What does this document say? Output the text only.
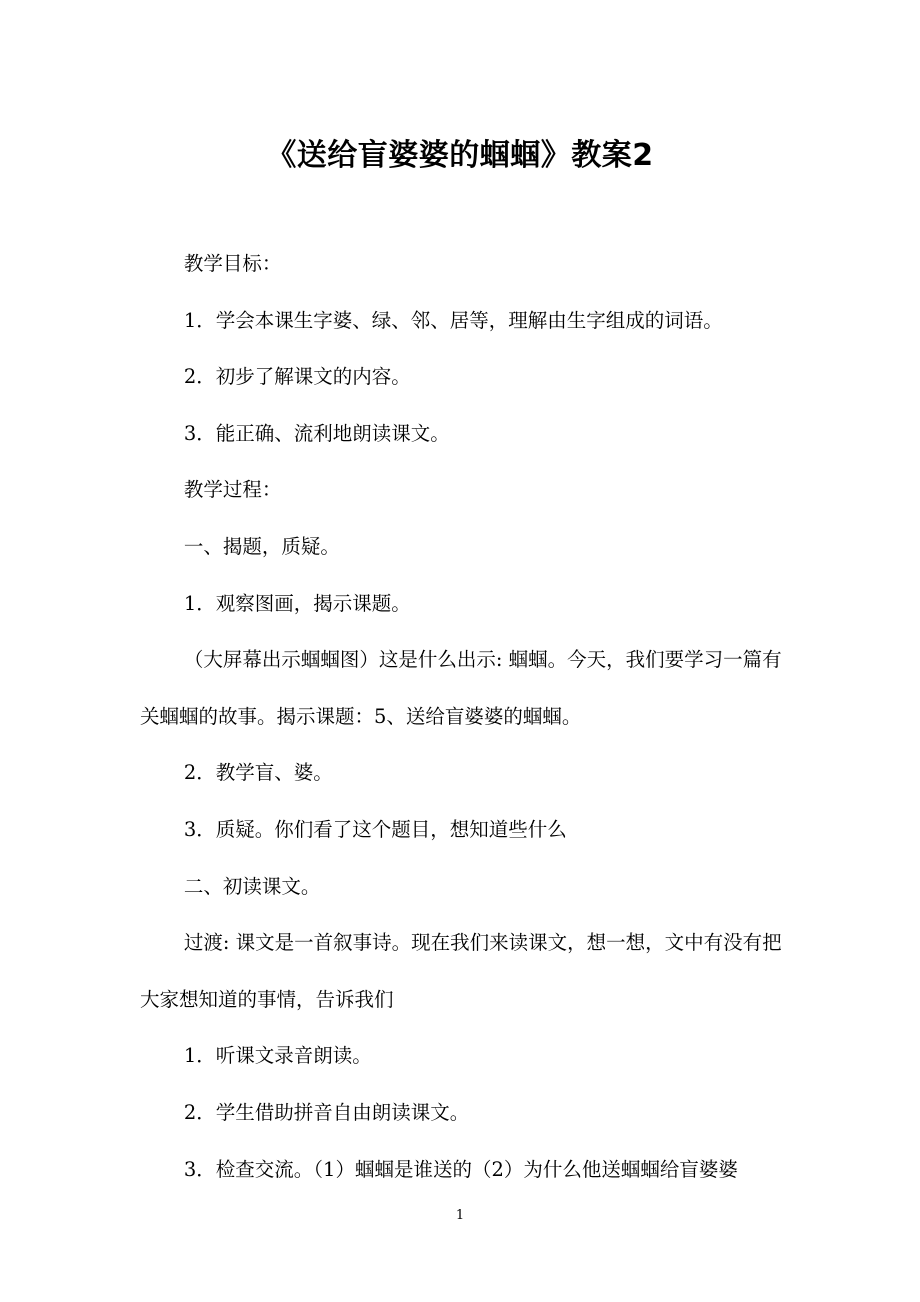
《送给盲婆婆的蝈蝈》教案2

教学目标：

1．学会本课生字婆、绿、邻、居等，理解由生字组成的词语。

2．初步了解课文的内容。

3．能正确、流利地朗读课文。

教学过程：

一、揭题，质疑。

1．观察图画，揭示课题。

（大屏幕出示蝈蝈图）这是什么出示: 蝈蝈。今天，我们要学习一篇有关蝈蝈的故事。揭示课题：5、送给盲婆婆的蝈蝈。

2．教学盲、婆。

3．质疑。你们看了这个题目，想知道些什么

二、初读课文。

过渡: 课文是一首叙事诗。现在我们来读课文，想一想，文中有没有把大家想知道的事情，告诉我们

1．听课文录音朗读。

2．学生借助拼音自由朗读课文。

3．检查交流。（1）蝈蝈是谁送的（2）为什么他送蝈蝈给盲婆婆

1
